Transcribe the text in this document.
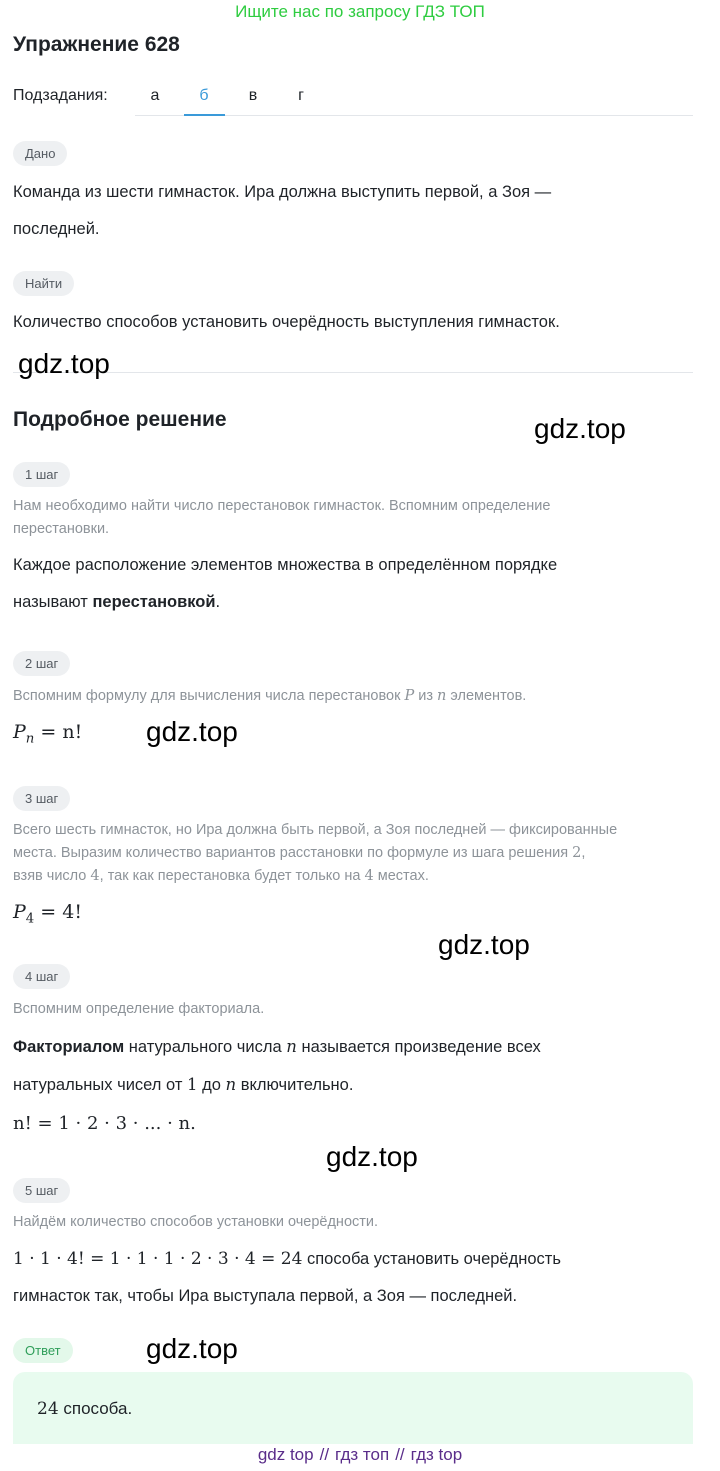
Ищите нас по запросу ГДЗ ТОП
Упражнение 628
Подзадания:	а	б	в	г
Дано
Команда из шести гимнасток. Ира должна выступить первой, а Зоя —
последней.
Найти
Количество способов установить очерёдность выступления гимнасток.
Подробное решение
1 шаг
Нам необходимо найти число перестановок гимнасток. Вспомним определение
перестановки.
Каждое расположение элементов множества в определённом порядке
называют перестановкой.
2 шаг
Вспомним формулу для вычисления числа перестановок P из n элементов.
$P_n = n$!
3 шаг
Всего шесть гимнасток, но Ира должна быть первой, а Зоя последней — фиксированные
места. Выразим количество вариантов расстановки по формуле из шага решения 2,
взяв число 4, так как перестановка будет только на 4 местах.
$P_4 = 4$!
4 шаг
Вспомним определение факториала.
Факториалом натурального числа n называется произведение всех
натуральных чисел от 1 до n включительно.
n! = 1 · 2 · 3 · ... · n.
5 шаг
Найдём количество способов установки очерёдности.
1 · 1 · 4! = 1 · 1 · 1 · 2 · 3 · 4 = 24 способа установить очерёдность
гимнасток так, чтобы Ира выступала первой, а Зоя — последней.
Ответ
24 способа.
gdz.top
gdz.top
gdz.top
gdz.top
gdz.top
gdz.top
gdz top // гдз топ // гдз top
